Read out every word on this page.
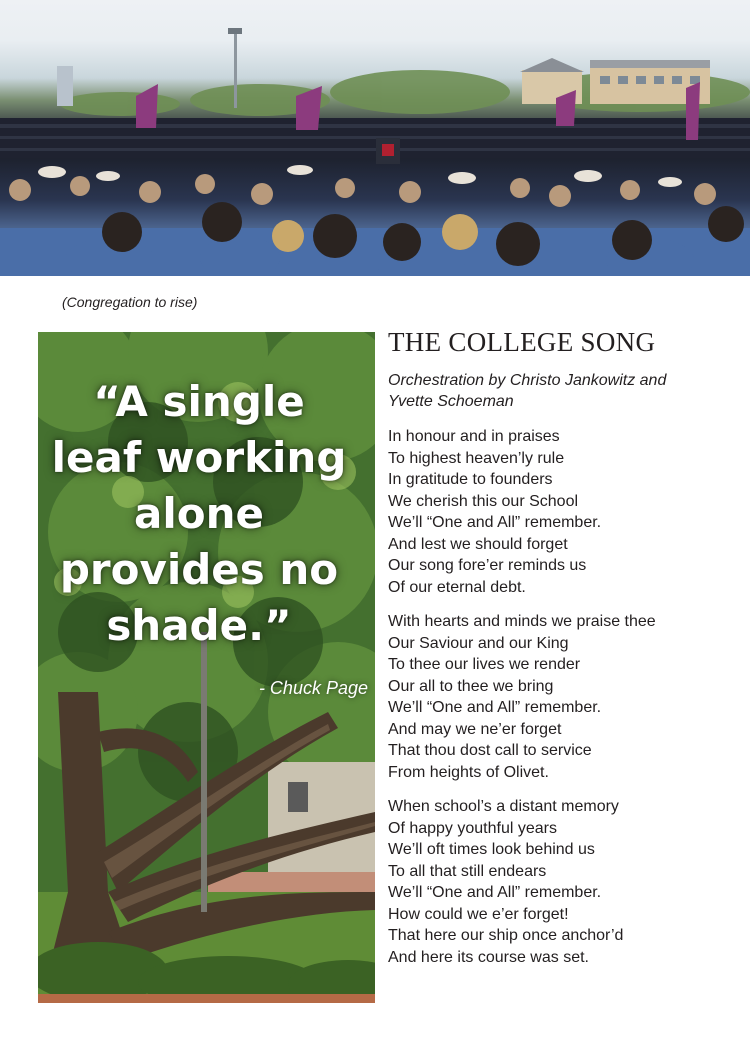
(Congregation to rise)
“A single
leaf working
alone
provides no
shade.”
- Chuck Page
THE COLLEGE SONG
Orchestration by Christo Jankowitz and Yvette Schoeman
In honour and in praises
To highest heaven’ly rule
In gratitude to founders
We cherish this our School
We’ll “One and All” remember.
And lest we should forget
Our song fore’er reminds us
Of our eternal debt.
With hearts and minds we praise thee
Our Saviour and our King
To thee our lives we render
Our all to thee we bring
We’ll “One and All” remember.
And may we ne’er forget
That thou dost call to service
From heights of Olivet.
When school’s a distant memory
Of happy youthful years
We’ll oft times look behind us
To all that still endears
We’ll “One and All” remember.
How could we e’er forget!
That here our ship once anchor’d
And here its course was set.
